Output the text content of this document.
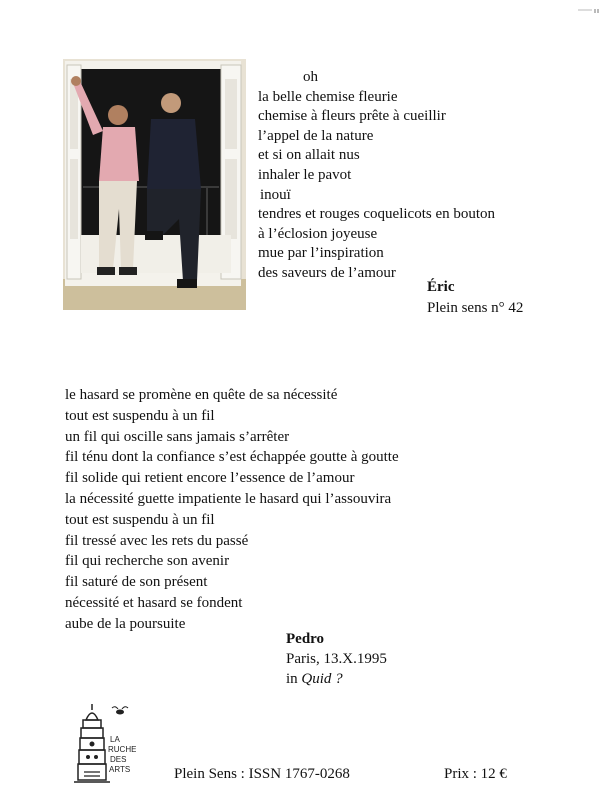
oh
la belle chemise fleurie
chemise à fleurs prête à cueillir
l’appel de la nature
et si on allait nus
inhaler le pavot
inouï
tendres et rouges coquelicots en bouton
à l’éclosion joyeuse
mue par l’inspiration
des saveurs de l’amour
Éric
Plein sens n° 42
le hasard se promène en quête de sa nécessité
tout est suspendu à un fil
un fil qui oscille sans jamais s’arrêter
fil ténu dont la confiance s’est échappée goutte à goutte
fil solide qui retient encore l’essence de l’amour
la nécessité guette impatiente le hasard qui l’assouvira
tout est suspendu à un fil
fil tressé avec les rets du passé
fil qui recherche son avenir
fil saturé de son présent
nécessité et hasard se fondent
aube de la poursuite
Pedro
Paris, 13.X.1995
in Quid ?
LA
RUCHE
DES
ARTS	Plein Sens : ISSN 1767-0268	Prix : 12 €
